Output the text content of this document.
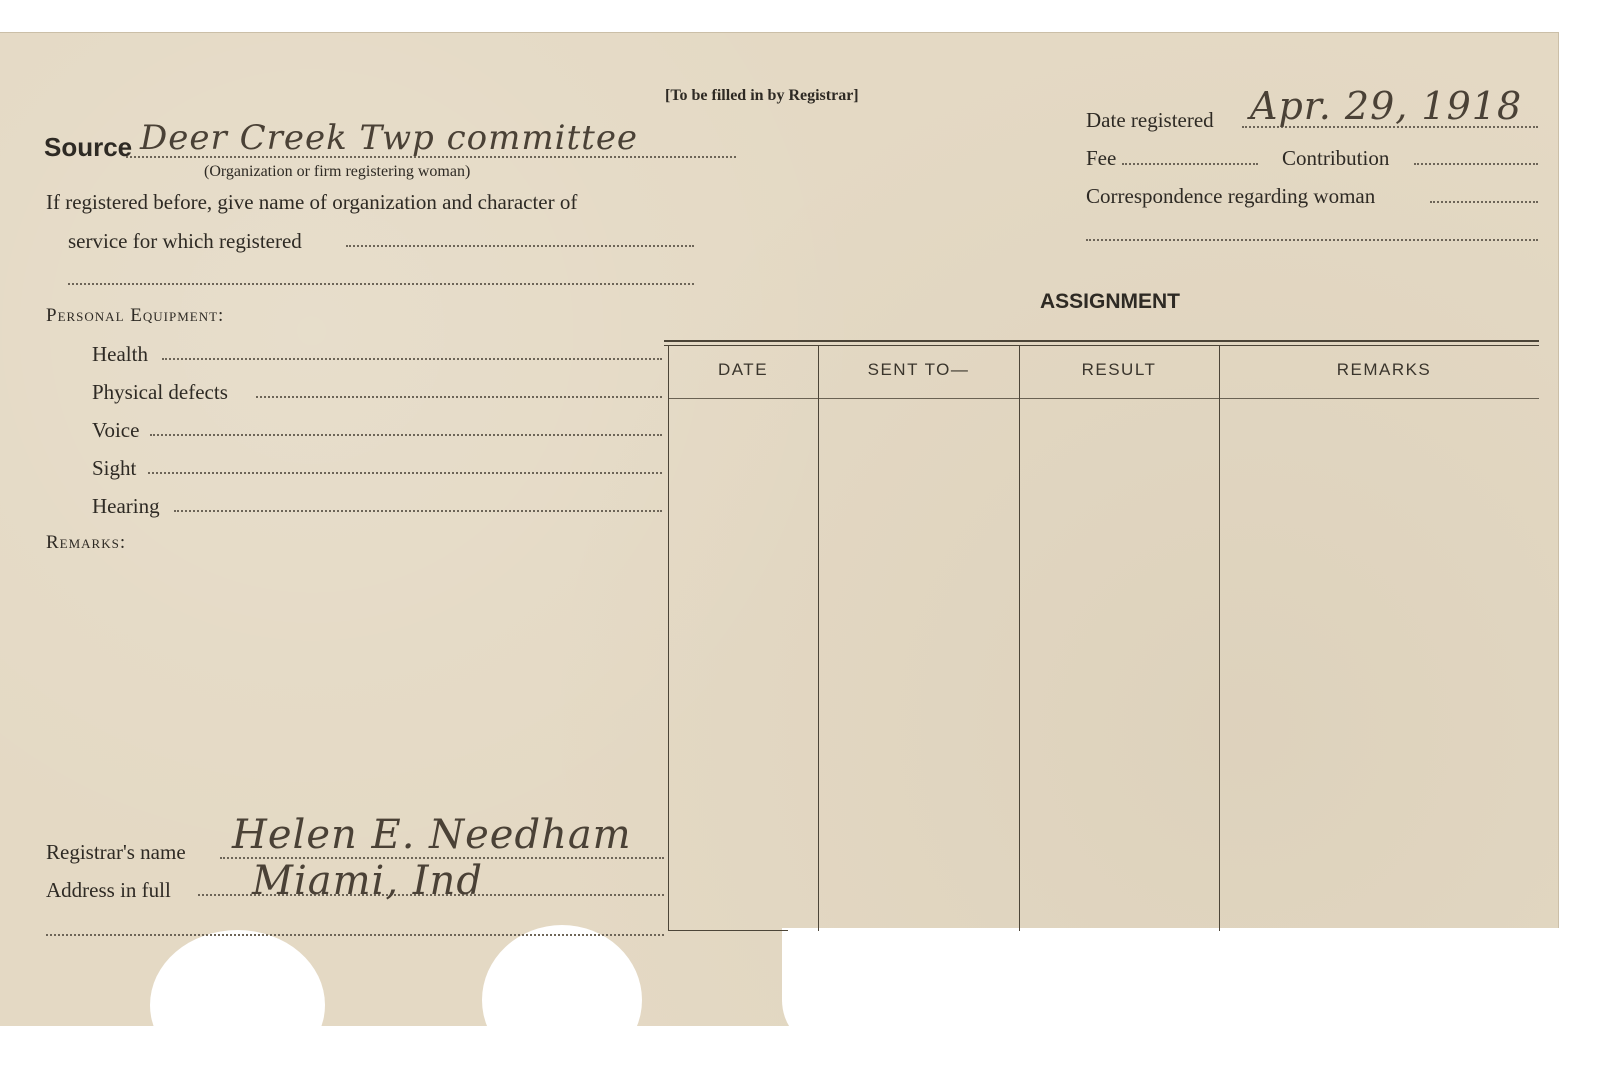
[To be filled in by Registrar]
Source Deer Creek Twp committee
(Organization or firm registering woman)
If registered before, give name of organization and character of
service for which registered
Date registered Apr. 29, 1918
Fee	Contribution
Correspondence regarding woman
Personal Equipment:
Health
Physical defects
Voice
Sight
Hearing
Remarks:
ASSIGNMENT
DATE	SENT TO—	RESULT	REMARKS
Registrar's name Helen E. Needham
Address in full Miami, Ind
